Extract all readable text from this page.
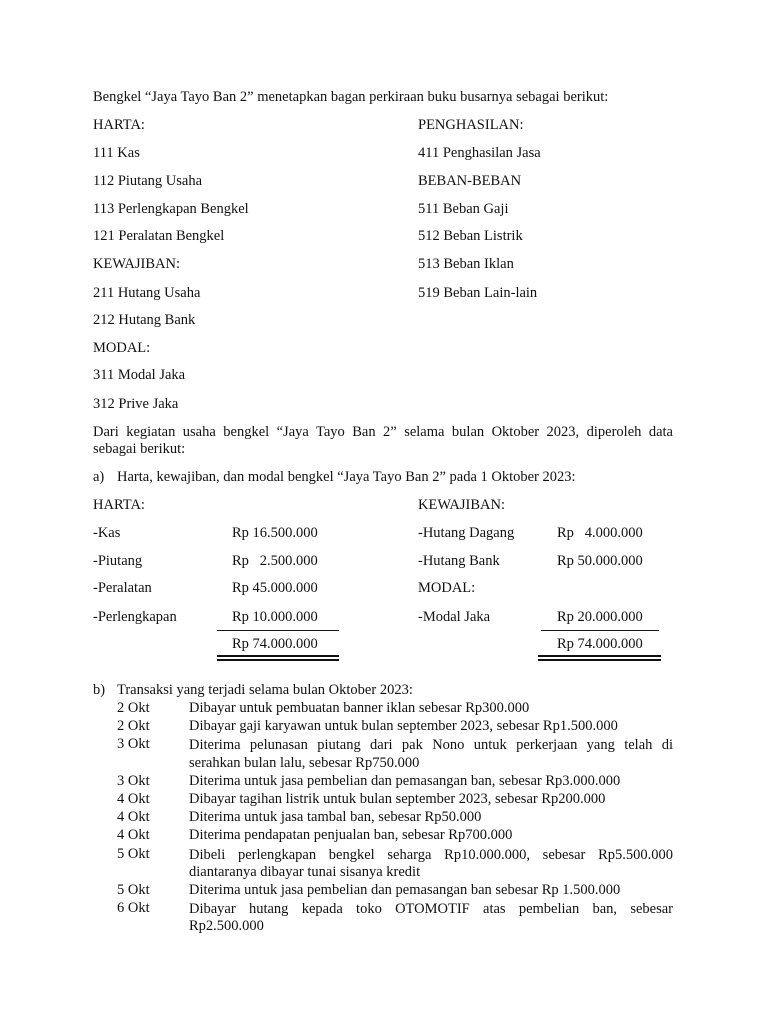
Bengkel “Jaya Tayo Ban 2” menetapkan bagan perkiraan buku busarnya sebagai berikut:
HARTA:
111 Kas
112 Piutang Usaha
113 Perlengkapan Bengkel
121 Peralatan Bengkel
KEWAJIBAN:
211 Hutang Usaha
212 Hutang Bank
MODAL:
311 Modal Jaka
312 Prive Jaka
PENGHASILAN:
411 Penghasilan Jasa
BEBAN-BEBAN
511 Beban Gaji
512 Beban Listrik
513 Beban Iklan
519 Beban Lain-lain
Dari kegiatan usaha bengkel “Jaya Tayo Ban 2” selama bulan Oktober 2023, diperoleh data
sebagai berikut:
a) Harta, kewajiban, dan modal bengkel “Jaya Tayo Ban 2” pada 1 Oktober 2023:
HARTA:
-Kas	Rp 16.500.000
-Piutang	Rp   2.500.000
-Peralatan	Rp 45.000.000
-Perlengkapan	Rp 10.000.000
Rp 74.000.000
KEWAJIBAN:
-Hutang Dagang	Rp   4.000.000
-Hutang Bank	Rp 50.000.000
MODAL:
-Modal Jaka	Rp 20.000.000
Rp 74.000.000
b) Transaksi yang terjadi selama bulan Oktober 2023:
2 Okt	Dibayar untuk pembuatan banner iklan sebesar Rp300.000
2 Okt	Dibayar gaji karyawan untuk bulan september 2023, sebesar Rp1.500.000
3 Okt	Diterima pelunasan piutang dari pak Nono untuk perkerjaan yang telah di
serahkan bulan lalu, sebesar Rp750.000
3 Okt	Diterima untuk jasa pembelian dan pemasangan ban, sebesar Rp3.000.000
4 Okt	Dibayar tagihan listrik untuk bulan september 2023, sebesar Rp200.000
4 Okt	Diterima untuk jasa tambal ban, sebesar Rp50.000
4 Okt	Diterima pendapatan penjualan ban, sebesar Rp700.000
5 Okt	Dibeli perlengkapan bengkel seharga Rp10.000.000, sebesar Rp5.500.000
diantaranya dibayar tunai sisanya kredit
5 Okt	Diterima untuk jasa pembelian dan pemasangan ban sebesar Rp 1.500.000
6 Okt	Dibayar hutang kepada toko OTOMOTIF atas pembelian ban, sebesar
Rp2.500.000
